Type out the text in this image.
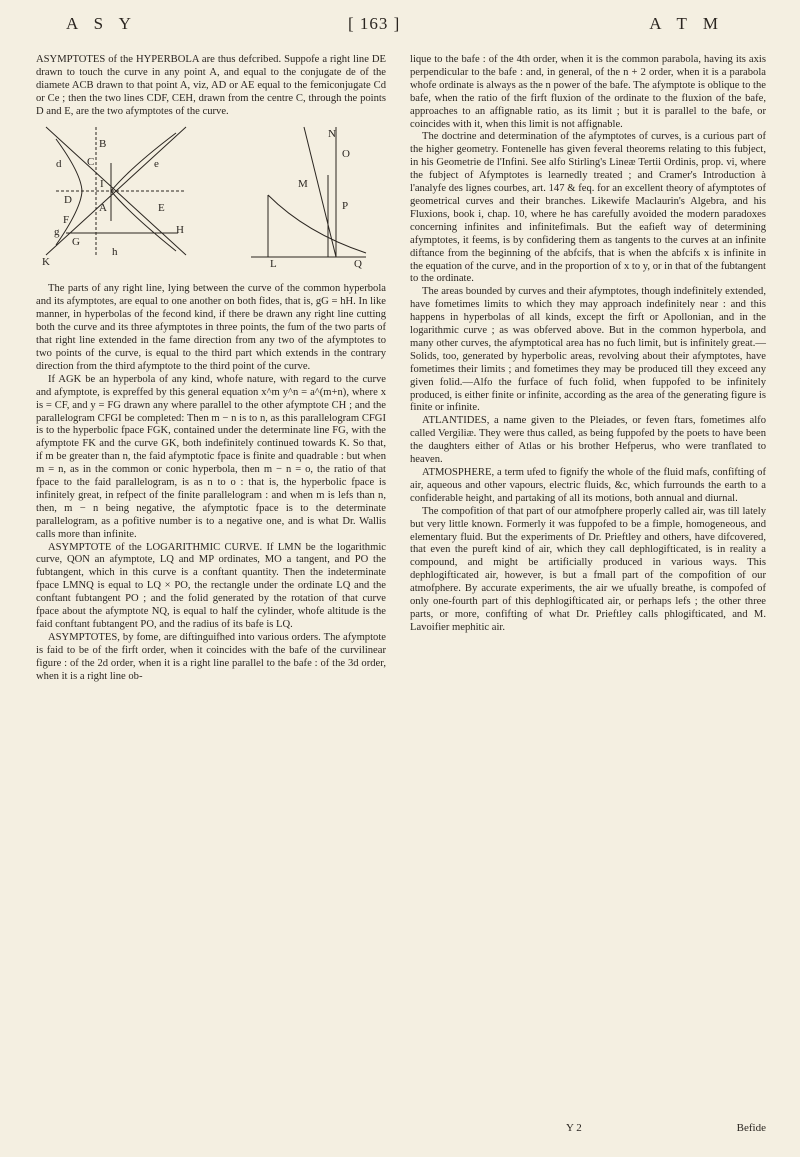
A S Y	[ 163 ]	A T M

ASYMPTOTES of the HYPERBOLA are thus defcribed. Suppofe a right line DE drawn to touch the curve in any point A, and equal to the conjugate de of the diamete ACB drawn to that point A, viz, AD or AE equal to the femiconjugate Cd or Ce ; then the two lines CDF, CEH, drawn from the centre C, through the points D and E, are the two afymptotes of the curve.

N
O
B
d C	e
M
P
D
I
F
A	E
g
G
H
K
h
L	Q

The parts of any right line, lying between the curve of the common hyperbola and its afymptotes, are equal to one another on both fides, that is, gG = hH. In like manner, in hyperbolas of the fecond kind, if there be drawn any right line cutting both the curve and its three afymptotes in three points, the fum of the two parts of that right line extended in the fame direction from any two of the afymptotes to two points of the curve, is equal to the third part which extends in the contrary direction from the third afymptote to the third point of the curve.

If AGK be an hyperbola of any kind, whofe nature, with regard to the curve and afymptote, is expreffed by this general equation x^m y^n = a^(m+n), where x is = CF, and y = FG drawn any where parallel to the other afymptote CH ; and the parallelogram CFGI be completed: Then m − n is to n, as this parallelogram CFGI is to the hyperbolic fpace FGK, contained under the determinate line FG, with the afymptote FK and the curve GK, both indefinitely continued towards K. So that, if m be greater than n, the faid afymptotic fpace is finite and quadrable : but when m = n, as in the common or conic hyperbola, then m − n = o, the ratio of that fpace to the faid parallelogram, is as n to o : that is, the hyperbolic fpace is infinitely great, in refpect of the finite parallelogram : and when m is lefs than n, then, m − n being negative, the afymptotic fpace is to the determinate parallelogram, as a pofitive number is to a negative one, and is what Dr. Wallis calls more than infinite.

ASYMPTOTE of the LOGARITHMIC CURVE. If LMN be the logarithmic curve, QON an afymptote, LQ and MP ordinates, MO a tangent, and PO the fubtangent, which in this curve is a conftant quantity. Then the indeterminate fpace LMNQ is equal to LQ × PO, the rectangle under the ordinate LQ and the conftant fubtangent PO ; and the folid generated by the rotation of that curve fpace about the afymptote NQ, is equal to half the cylinder, whofe altitude is the faid conftant fubtangent PO, and the radius of its bafe is LQ.

ASYMPTOTES, by fome, are diftinguifhed into various orders. The afymptote is faid to be of the firft order, when it coincides with the bafe of the curvilinear figure : of the 2d order, when it is a right line parallel to the bafe : of the 3d order, when it is a right line ob-

lique to the bafe : of the 4th order, when it is the common parabola, having its axis perpendicular to the bafe : and, in general, of the n + 2 order, when it is a parabola whofe ordinate is always as the n power of the bafe. The afymptote is oblique to the bafe, when the ratio of the firft fluxion of the ordinate to the fluxion of the bafe, approaches to an affignable ratio, as its limit ; but it is parallel to the bafe, or coincides with it, when this limit is not affignable.

The doctrine and determination of the afymptotes of curves, is a curious part of the higher geometry. Fontenelle has given feveral theorems relating to this fubject, in his Geometrie de l'Infini. See alfo Stirling's Lineæ Tertii Ordinis, prop. vi, where the fubject of Afymptotes is learnedly treated ; and Cramer's Introduction à l'analyfe des lignes courbes, art. 147 & feq. for an excellent theory of afymptotes of geometrical curves and their branches. Likewife Maclaurin's Algebra, and his Fluxions, book i, chap. 10, where he has carefully avoided the modern paradoxes concerning infinites and infinitefimals. But the eafieft way of determining afymptotes, it feems, is by confidering them as tangents to the curves at an infinite diftance from the beginning of the abfcifs, that is when the abfcifs x is infinite in the equation of the curve, and in the proportion of x to y, or in that of the fubtangent to the ordinate.

The areas bounded by curves and their afymptotes, though indefinitely extended, have fometimes limits to which they may approach indefinitely near : and this happens in hyperbolas of all kinds, except the firft or Apollonian, and in the logarithmic curve ; as was obferved above. But in the common hyperbola, and many other curves, the afymptotical area has no fuch limit, but is infinitely great.—Solids, too, generated by hyperbolic areas, revolving about their afymptotes, have fometimes their limits ; and fometimes they may be produced till they exceed any given folid.—Alfo the furface of fuch folid, when fuppofed to be infinitely produced, is either finite or infinite, according as the area of the generating figure is finite or infinite.

ATLANTIDES, a name given to the Pleiades, or feven ftars, fometimes alfo called Vergiliæ. They were thus called, as being fuppofed by the poets to have been the daughters either of Atlas or his brother Hefperus, who were tranflated to heaven.

ATMOSPHERE, a term ufed to fignify the whole of the fluid mafs, confifting of air, aqueous and other vapours, electric fluids, &c, which furrounds the earth to a confiderable height, and partaking of all its motions, both annual and diurnal.

The compofition of that part of our atmofphere properly called air, was till lately but very little known. Formerly it was fuppofed to be a fimple, homogeneous, and elementary fluid. But the experiments of Dr. Prieftley and others, have difcovered, that even the pureft kind of air, which they call dephlogifticated, is in reality a compound, and might be artificially produced in various ways. This dephlogifticated air, however, is but a fmall part of the compofition of our atmofphere. By accurate experiments, the air we ufually breathe, is compofed of only one-fourth part of this dephlogifticated air, or perhaps lefs ; the other three parts, or more, confifting of what Dr. Prieftley calls phlogifticated, and M. Lavoifier mephitic air.

Y 2	Befide
